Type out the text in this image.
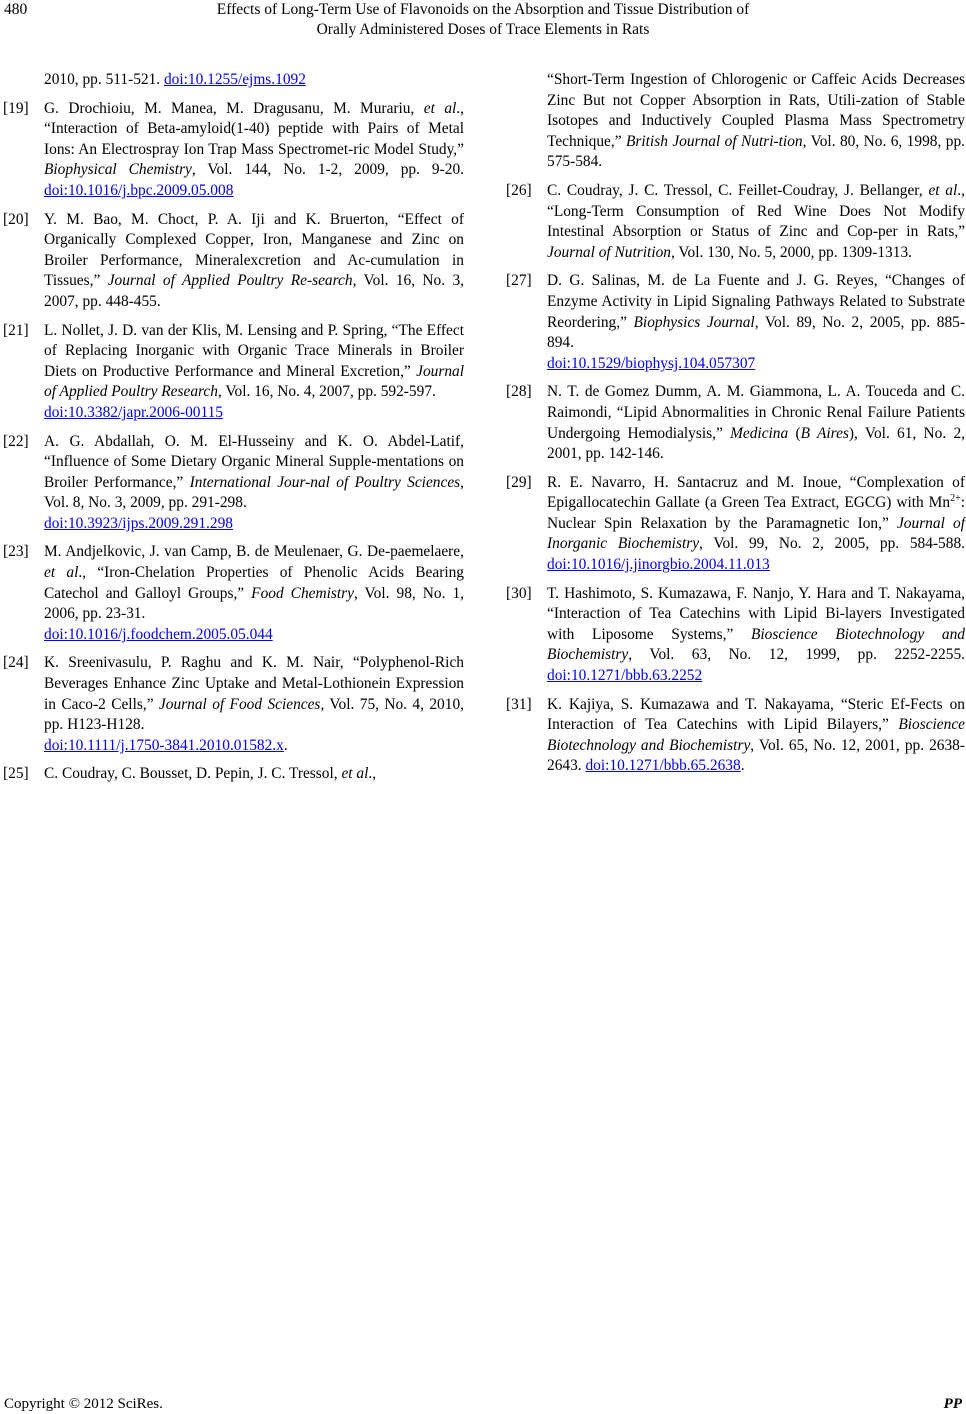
480	Effects of Long-Term Use of Flavonoids on the Absorption and Tissue Distribution of
Orally Administered Doses of Trace Elements in Rats
2010, pp. 511-521. doi:10.1255/ejms.1092
[19] G. Drochioiu, M. Manea, M. Dragusanu, M. Murariu, et al., “Interaction of Beta-amyloid(1-40) peptide with Pairs of Metal Ions: An Electrospray Ion Trap Mass Spectromet-ric Model Study,” Biophysical Chemistry, Vol. 144, No. 1-2, 2009, pp. 9-20. doi:10.1016/j.bpc.2009.05.008
[20] Y. M. Bao, M. Choct, P. A. Iji and K. Bruerton, “Effect of Organically Complexed Copper, Iron, Manganese and Zinc on Broiler Performance, Mineralexcretion and Ac-cumulation in Tissues,” Journal of Applied Poultry Re-search, Vol. 16, No. 3, 2007, pp. 448-455.
[21] L. Nollet, J. D. van der Klis, M. Lensing and P. Spring, “The Effect of Replacing Inorganic with Organic Trace Minerals in Broiler Diets on Productive Performance and Mineral Excretion,” Journal of Applied Poultry Research, Vol. 16, No. 4, 2007, pp. 592-597.
doi:10.3382/japr.2006-00115
[22] A. G. Abdallah, O. M. El-Husseiny and K. O. Abdel-Latif, “Influence of Some Dietary Organic Mineral Supple-mentations on Broiler Performance,” International Jour-nal of Poultry Sciences, Vol. 8, No. 3, 2009, pp. 291-298.
doi:10.3923/ijps.2009.291.298
[23] M. Andjelkovic, J. van Camp, B. de Meulenaer, G. De-paemelaere, et al., “Iron-Chelation Properties of Phenolic Acids Bearing Catechol and Galloyl Groups,” Food Chemistry, Vol. 98, No. 1, 2006, pp. 23-31.
doi:10.1016/j.foodchem.2005.05.044
[24] K. Sreenivasulu, P. Raghu and K. M. Nair, “Polyphenol-Rich Beverages Enhance Zinc Uptake and Metal-Lothionein Expression in Caco-2 Cells,” Journal of Food Sciences, Vol. 75, No. 4, 2010, pp. H123-H128.
doi:10.1111/j.1750-3841.2010.01582.x.
[25] C. Coudray, C. Bousset, D. Pepin, J. C. Tressol, et al.,
“Short-Term Ingestion of Chlorogenic or Caffeic Acids Decreases Zinc But not Copper Absorption in Rats, Utili-zation of Stable Isotopes and Inductively Coupled Plasma Mass Spectrometry Technique,” British Journal of Nutri-tion, Vol. 80, No. 6, 1998, pp. 575-584.
[26] C. Coudray, J. C. Tressol, C. Feillet-Coudray, J. Bellanger, et al., “Long-Term Consumption of Red Wine Does Not Modify Intestinal Absorption or Status of Zinc and Cop-per in Rats,” Journal of Nutrition, Vol. 130, No. 5, 2000, pp. 1309-1313.
[27] D. G. Salinas, M. de La Fuente and J. G. Reyes, “Changes of Enzyme Activity in Lipid Signaling Pathways Related to Substrate Reordering,” Biophysics Journal, Vol. 89, No. 2, 2005, pp. 885-894.
doi:10.1529/biophysj.104.057307
[28] N. T. de Gomez Dumm, A. M. Giammona, L. A. Touceda and C. Raimondi, “Lipid Abnormalities in Chronic Renal Failure Patients Undergoing Hemodialysis,” Medicina (B Aires), Vol. 61, No. 2, 2001, pp. 142-146.
[29] R. E. Navarro, H. Santacruz and M. Inoue, “Complexation of Epigallocatechin Gallate (a Green Tea Extract, EGCG) with $Mn^{2+}$: Nuclear Spin Relaxation by the Paramagnetic Ion,” Journal of Inorganic Biochemistry, Vol. 99, No. 2, 2005, pp. 584-588. doi:10.1016/j.jinorgbio.2004.11.013
[30] T. Hashimoto, S. Kumazawa, F. Nanjo, Y. Hara and T. Nakayama, “Interaction of Tea Catechins with Lipid Bi-layers Investigated with Liposome Systems,” Bioscience Biotechnology and Biochemistry, Vol. 63, No. 12, 1999, pp. 2252-2255. doi:10.1271/bbb.63.2252
[31] K. Kajiya, S. Kumazawa and T. Nakayama, “Steric Ef-Fects on Interaction of Tea Catechins with Lipid Bilayers,” Bioscience Biotechnology and Biochemistry, Vol. 65, No. 12, 2001, pp. 2638-2643. doi:10.1271/bbb.65.2638.
Copyright © 2012 SciRes.	PP
